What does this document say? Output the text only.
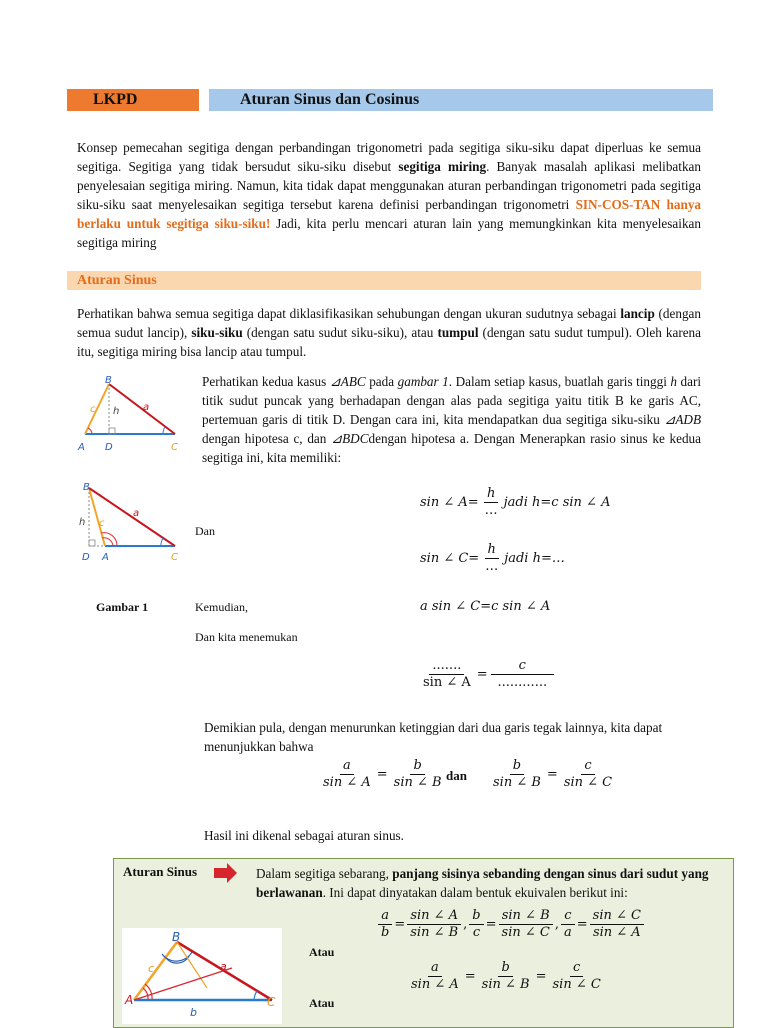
LKPD	Aturan Sinus dan Cosinus
Konsep pemecahan segitiga dengan perbandingan trigonometri pada segitiga siku-siku dapat diperluas ke semua segitiga. Segitiga yang tidak bersudut siku-siku disebut segitiga miring. Banyak masalah aplikasi melibatkan penyelesaian segitiga miring. Namun, kita tidak dapat menggunakan aturan perbandingan trigonometri pada segitiga siku-siku saat menyelesaikan segitiga tersebut karena definisi perbandingan trigonometri SIN-COS-TAN hanya berlaku untuk segitiga siku-siku! Jadi, kita perlu mencari aturan lain yang memungkinkan kita menyelesaikan segitiga miring
Aturan Sinus
Perhatikan bahwa semua segitiga dapat diklasifikasikan sehubungan dengan ukuran sudutnya sebagai lancip (dengan semua sudut lancip), siku-siku (dengan satu sudut siku-siku), atau tumpul (dengan satu sudut tumpul). Oleh karena itu, segitiga miring bisa lancip atau tumpul.
B
A D	C
a
c h
B
D A	C
a
c
h
Perhatikan kedua kasus ⊿ABC pada gambar 1. Dalam setiap kasus, buatlah garis tinggi h dari titik sudut puncak yang berhadapan dengan alas pada segitiga yaitu titik B ke garis AC, pertemuan garis di titik D. Dengan cara ini, kita mendapatkan dua segitiga siku-siku ⊿ADB dengan hipotesa c, dan ⊿BDCdengan hipotesa a. Dengan Menerapkan rasio sinus ke kedua segitiga ini, kita memiliki:
sin ∠ $A= \frac{h}{\dots}$ jadi h=c sin ∠ A
Dan
sin ∠ $C= \frac{h}{\dots}$ jadi h=…
Gambar 1	Kemudian,	a sin ∠ C=c sin ∠ A
Dan kita menemukan
$\frac{.......}{\sin \angle A} = \frac{c}{............}$
Demikian pula, dengan menurunkan ketinggian dari dua garis tegak lainnya, kita dapat menunjukkan bahwa
$\frac{a}{\sin \angle A} = \frac{b}{\sin \angle B}$ dan $\frac{b}{\sin \angle B} = \frac{c}{\sin \angle C}$
Hasil ini dikenal sebagai aturan sinus.
Aturan Sinus	Dalam segitiga sebarang, panjang sisinya sebanding dengan sinus dari sudut yang berlawanan. Ini dapat dinyatakan dalam bentuk ekuivalen berikut ini:
$\frac{a}{b} = \frac{\sin \angle A}{\sin \angle B}$ , $\frac{b}{c} = \frac{\sin \angle B}{\sin \angle C}$ , $\frac{c}{a} = \frac{\sin \angle C}{\sin \angle A}$
Atau
$\frac{a}{\sin \angle A} = \frac{b}{\sin \angle B} = \frac{c}{\sin \angle C}$
Atau
B
A	C
a
c
b
